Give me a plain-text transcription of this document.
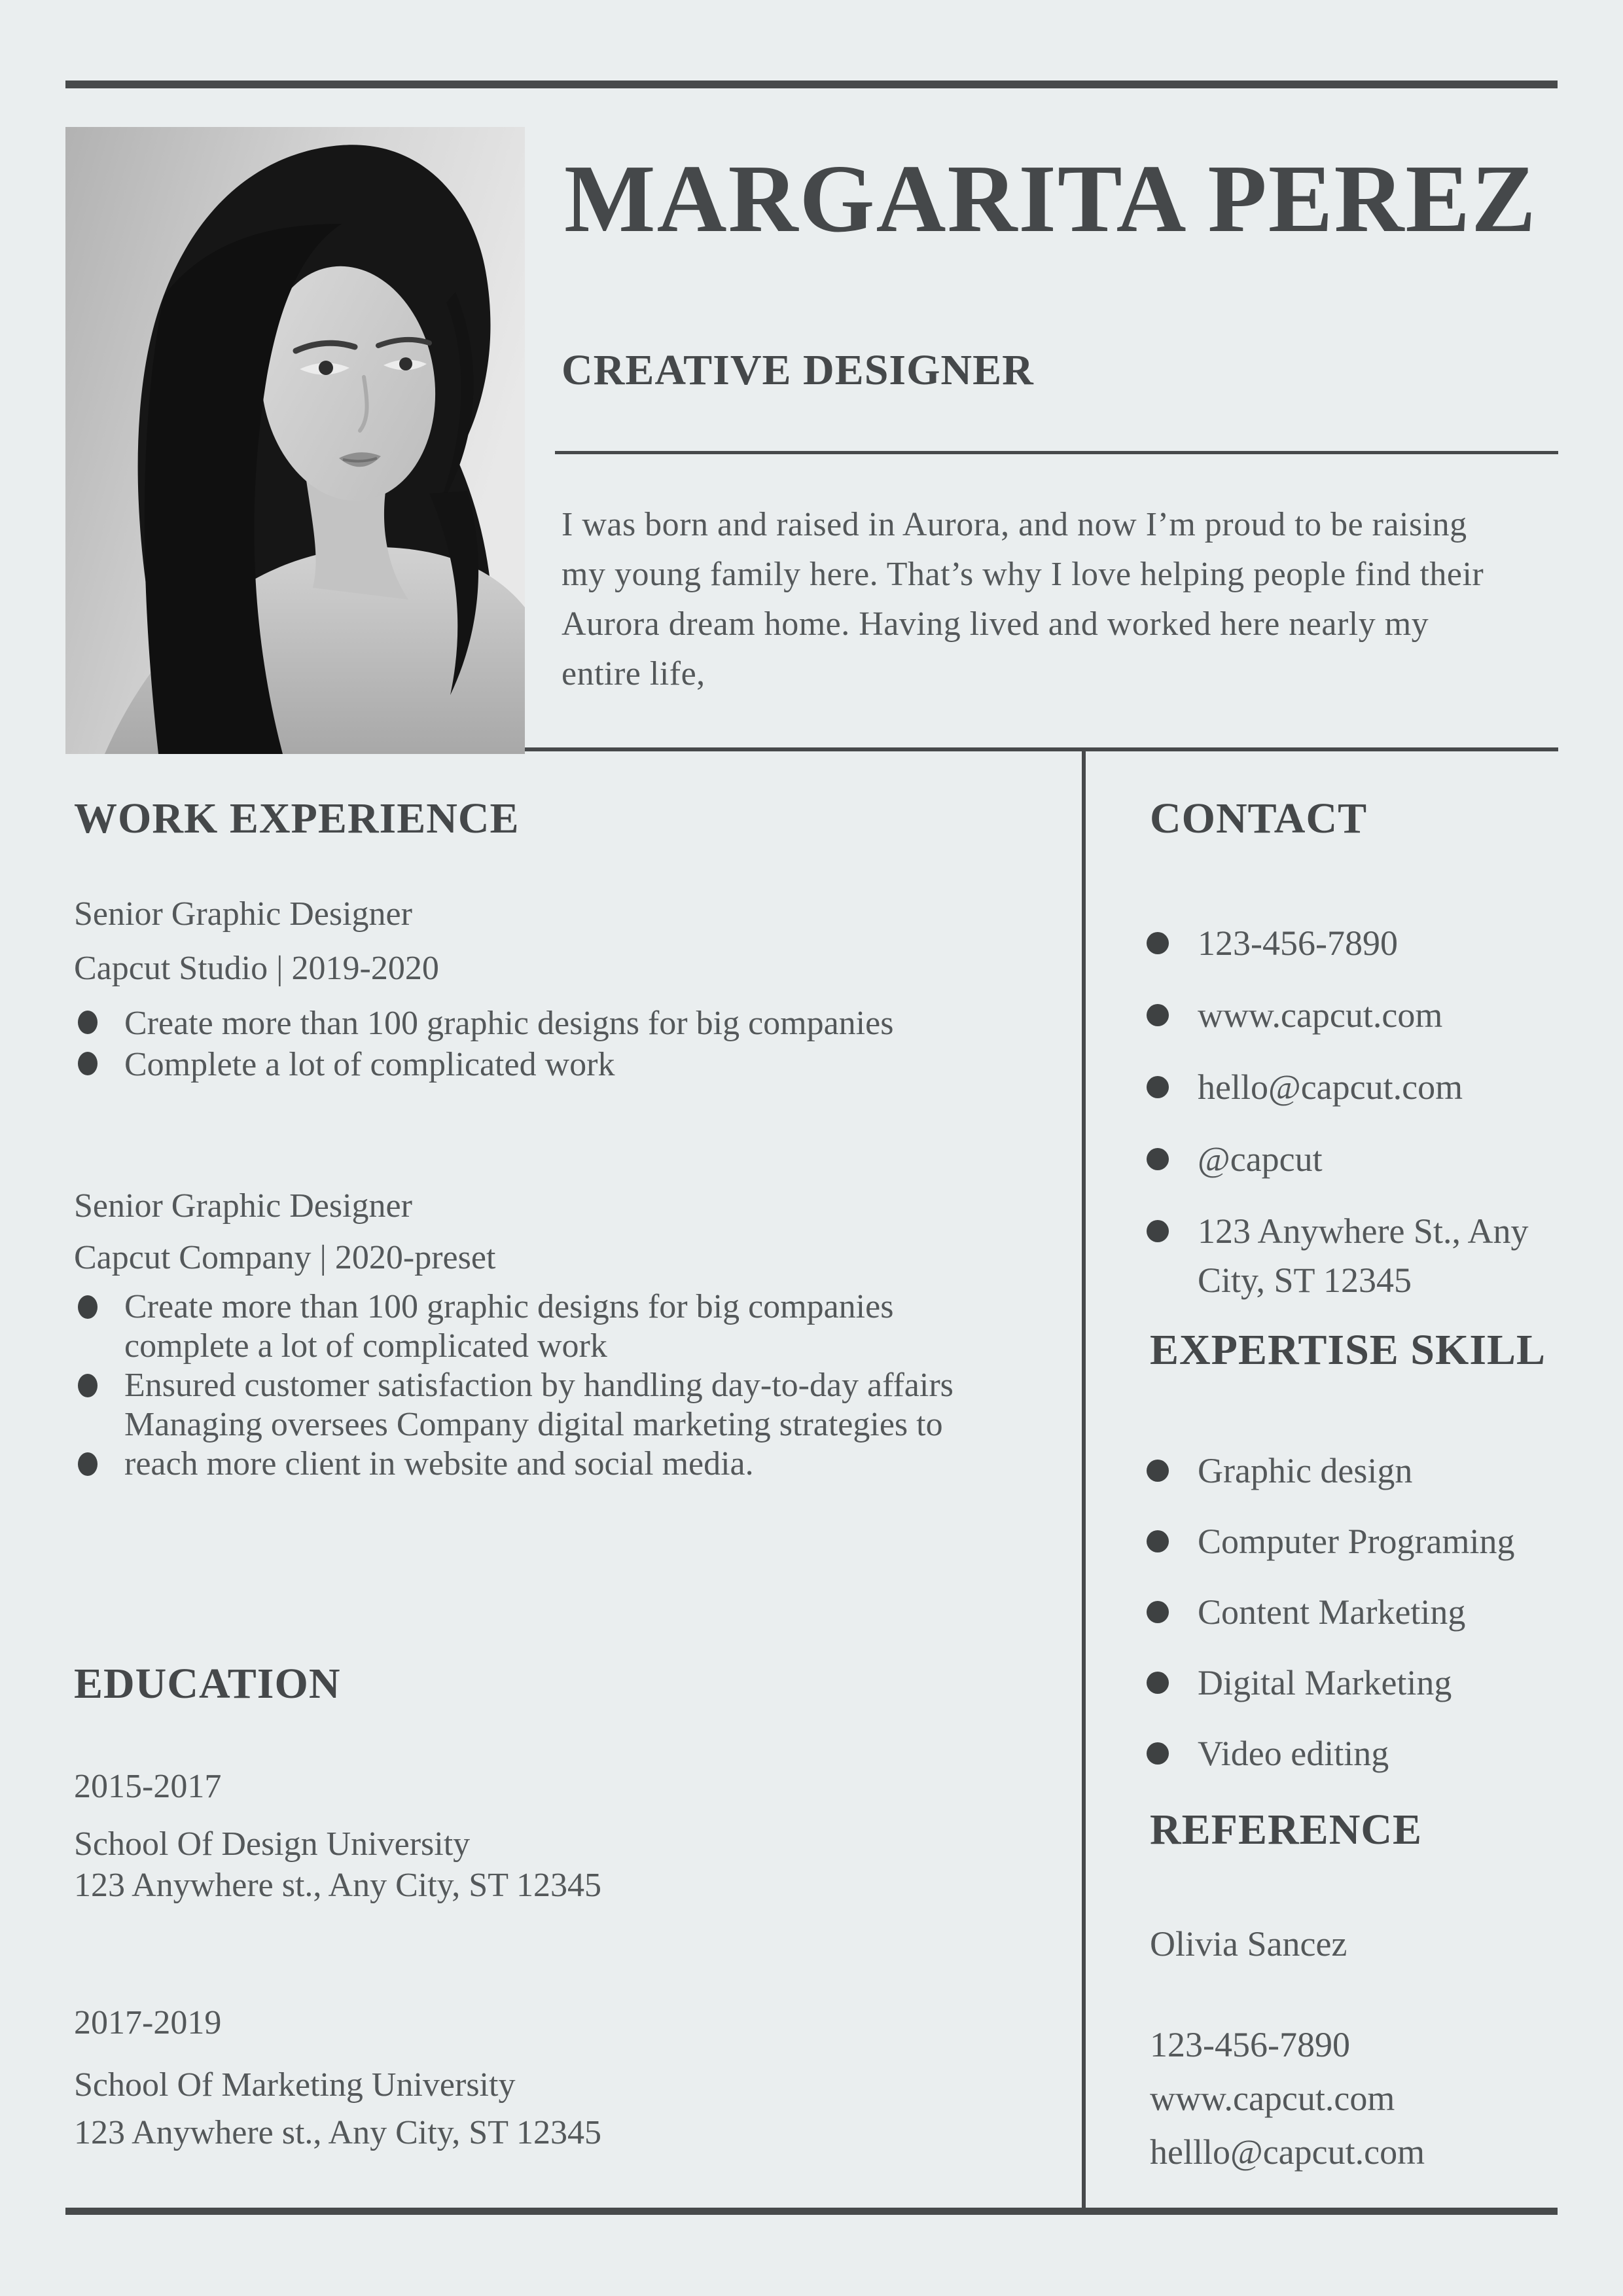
MARGARITA PEREZ
CREATIVE DESIGNER
I was born and raised in Aurora, and now I’m proud to be raising
my young family here. That’s why I love helping people find their
Aurora dream home. Having lived and worked here nearly my
entire life,
WORK EXPERIENCE
Senior Graphic Designer
Capcut Studio | 2019-2020
Create more than 100 graphic designs for big companies
Complete a lot of complicated work
Senior Graphic Designer
Capcut Company | 2020-preset
Create more than 100 graphic designs for big companies
complete a lot of complicated work
Ensured customer satisfaction by handling day-to-day affairs
Managing oversees Company digital marketing strategies to
reach more client in website and social media.
EDUCATION
2015-2017
School Of Design University
123 Anywhere st., Any City, ST 12345
2017-2019
School Of Marketing University
123 Anywhere st., Any City, ST 12345
CONTACT
123-456-7890
www.capcut.com
hello@capcut.com
@capcut
123 Anywhere St., Any City, ST 12345
EXPERTISE SKILL
Graphic design
Computer Programing
Content Marketing
Digital Marketing
Video editing
REFERENCE
Olivia Sancez
123-456-7890
www.capcut.com
helllo@capcut.com
